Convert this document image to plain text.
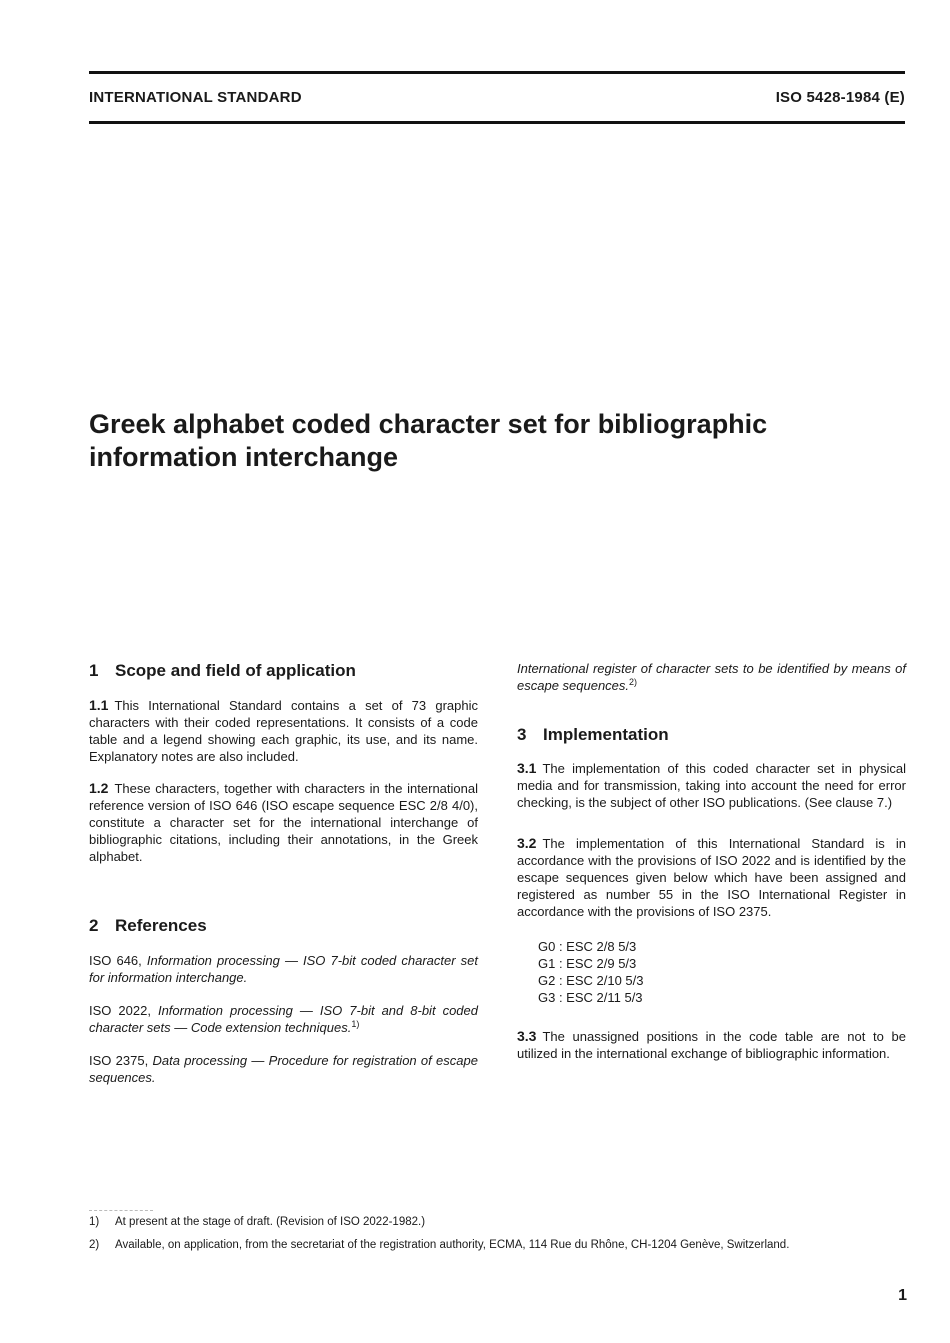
INTERNATIONAL STANDARD	ISO 5428-1984 (E)
Greek alphabet coded character set for bibliographic
information interchange
1 Scope and field of application

1.1 This International Standard contains a set of 73 graphic characters with their coded representations. It consists of a code table and a legend showing each graphic, its use, and its name. Explanatory notes are also included.

1.2 These characters, together with characters in the international reference version of ISO 646 (ISO escape sequence ESC 2/8 4/0), constitute a character set for the international interchange of bibliographic citations, including their annotations, in the Greek alphabet.

2 References

ISO 646, Information processing — ISO 7-bit coded character set for information interchange.

ISO 2022, Information processing — ISO 7-bit and 8-bit coded character sets — Code extension techniques.$^{1)}$

ISO 2375, Data processing — Procedure for registration of escape sequences.

International register of character sets to be identified by means of escape sequences.$^{2)}$

3 Implementation

3.1 The implementation of this coded character set in physical media and for transmission, taking into account the need for error checking, is the subject of other ISO publications. (See clause 7.)

3.2 The implementation of this International Standard is in accordance with the provisions of ISO 2022 and is identified by the escape sequences given below which have been assigned and registered as number 55 in the ISO International Register in accordance with the provisions of ISO 2375.

G0 : ESC 2/8 5/3
G1 : ESC 2/9 5/3
G2 : ESC 2/10 5/3
G3 : ESC 2/11 5/3

3.3 The unassigned positions in the code table are not to be utilized in the international exchange of bibliographic information.

1) At present at the stage of draft. (Revision of ISO 2022-1982.)
2) Available, on application, from the secretariat of the registration authority, ECMA, 114 Rue du Rhône, CH-1204 Genève, Switzerland.
1
